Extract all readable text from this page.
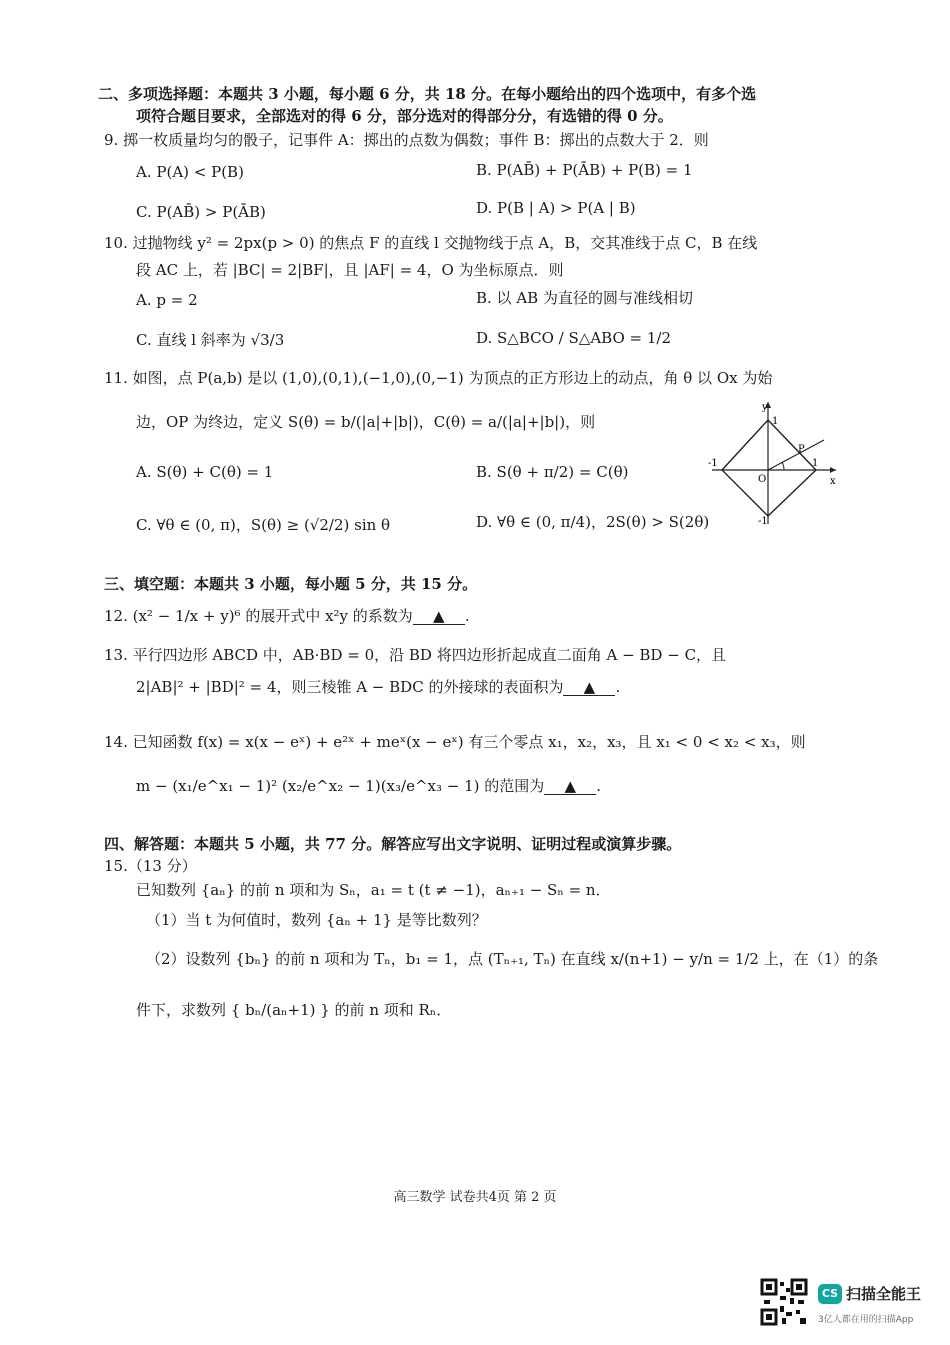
二、多项选择题：本题共 3 小题，每小题 6 分，共 18 分。在每小题给出的四个选项中，有多个选
项符合题目要求，全部选对的得 6 分，部分选对的得部分分，有选错的得 0 分。
9. 掷一枚质量均匀的骰子，记事件 A：掷出的点数为偶数；事件 B：掷出的点数大于 2．则
A. P(A) < P(B)	B. P(AB̄) + P(ĀB) + P(B) = 1
C. P(AB̄) > P(ĀB)	D. P(B | A) > P(A | B)
10. 过抛物线 y² = 2px(p > 0) 的焦点 F 的直线 l 交抛物线于点 A，B，交其准线于点 C，B 在线
段 AC 上，若 |BC| = 2|BF|，且 |AF| = 4，O 为坐标原点．则
A. p = 2	B. 以 AB 为直径的圆与准线相切
C. 直线 l 斜率为 √3/3	D. S△BCO / S△ABO = 1/2
11. 如图，点 P(a,b) 是以 (1,0),(0,1),(−1,0),(0,−1) 为顶点的正方形边上的动点，角 θ 以 Ox 为始
边，OP 为终边，定义 S(θ) = b/(|a|+|b|)，C(θ) = a/(|a|+|b|)，则
A. S(θ) + C(θ) = 1	B. S(θ + π/2) = C(θ)
C. ∀θ ∈ (0, π)，S(θ) ≥ (√2/2) sin θ	D. ∀θ ∈ (0, π/4)，2S(θ) > S(2θ)
y
x
O
P
1
1
-1
-1
三、填空题：本题共 3 小题，每小题 5 分，共 15 分。
12. (x² − 1/x + y)⁶ 的展开式中 x²y 的系数为 ▲ .
13. 平行四边形 ABCD 中，AB·BD = 0，沿 BD 将四边形折起成直二面角 A − BD − C，且
2|AB|² + |BD|² = 4，则三棱锥 A − BDC 的外接球的表面积为 ▲ .
14. 已知函数 f(x) = x(x − eˣ) + e²ˣ + meˣ(x − eˣ) 有三个零点 x₁，x₂，x₃，且 x₁ < 0 < x₂ < x₃，则
m − (x₁/e^x₁ − 1)² (x₂/e^x₂ − 1)(x₃/e^x₃ − 1) 的范围为 ▲ .
四、解答题：本题共 5 小题，共 77 分。解答应写出文字说明、证明过程或演算步骤。
15.（13 分）
已知数列 {aₙ} 的前 n 项和为 Sₙ，a₁ = t (t ≠ −1)，aₙ₊₁ − Sₙ = n．
（1）当 t 为何值时，数列 {aₙ + 1} 是等比数列？
（2）设数列 {bₙ} 的前 n 项和为 Tₙ，b₁ = 1，点 (Tₙ₊₁, Tₙ) 在直线 x/(n+1) − y/n = 1/2 上，在（1）的条
件下，求数列 { bₙ/(aₙ+1) } 的前 n 项和 Rₙ．
高三数学 试卷共4页 第 2 页
CS 扫描全能王
3亿人都在用的扫描App
